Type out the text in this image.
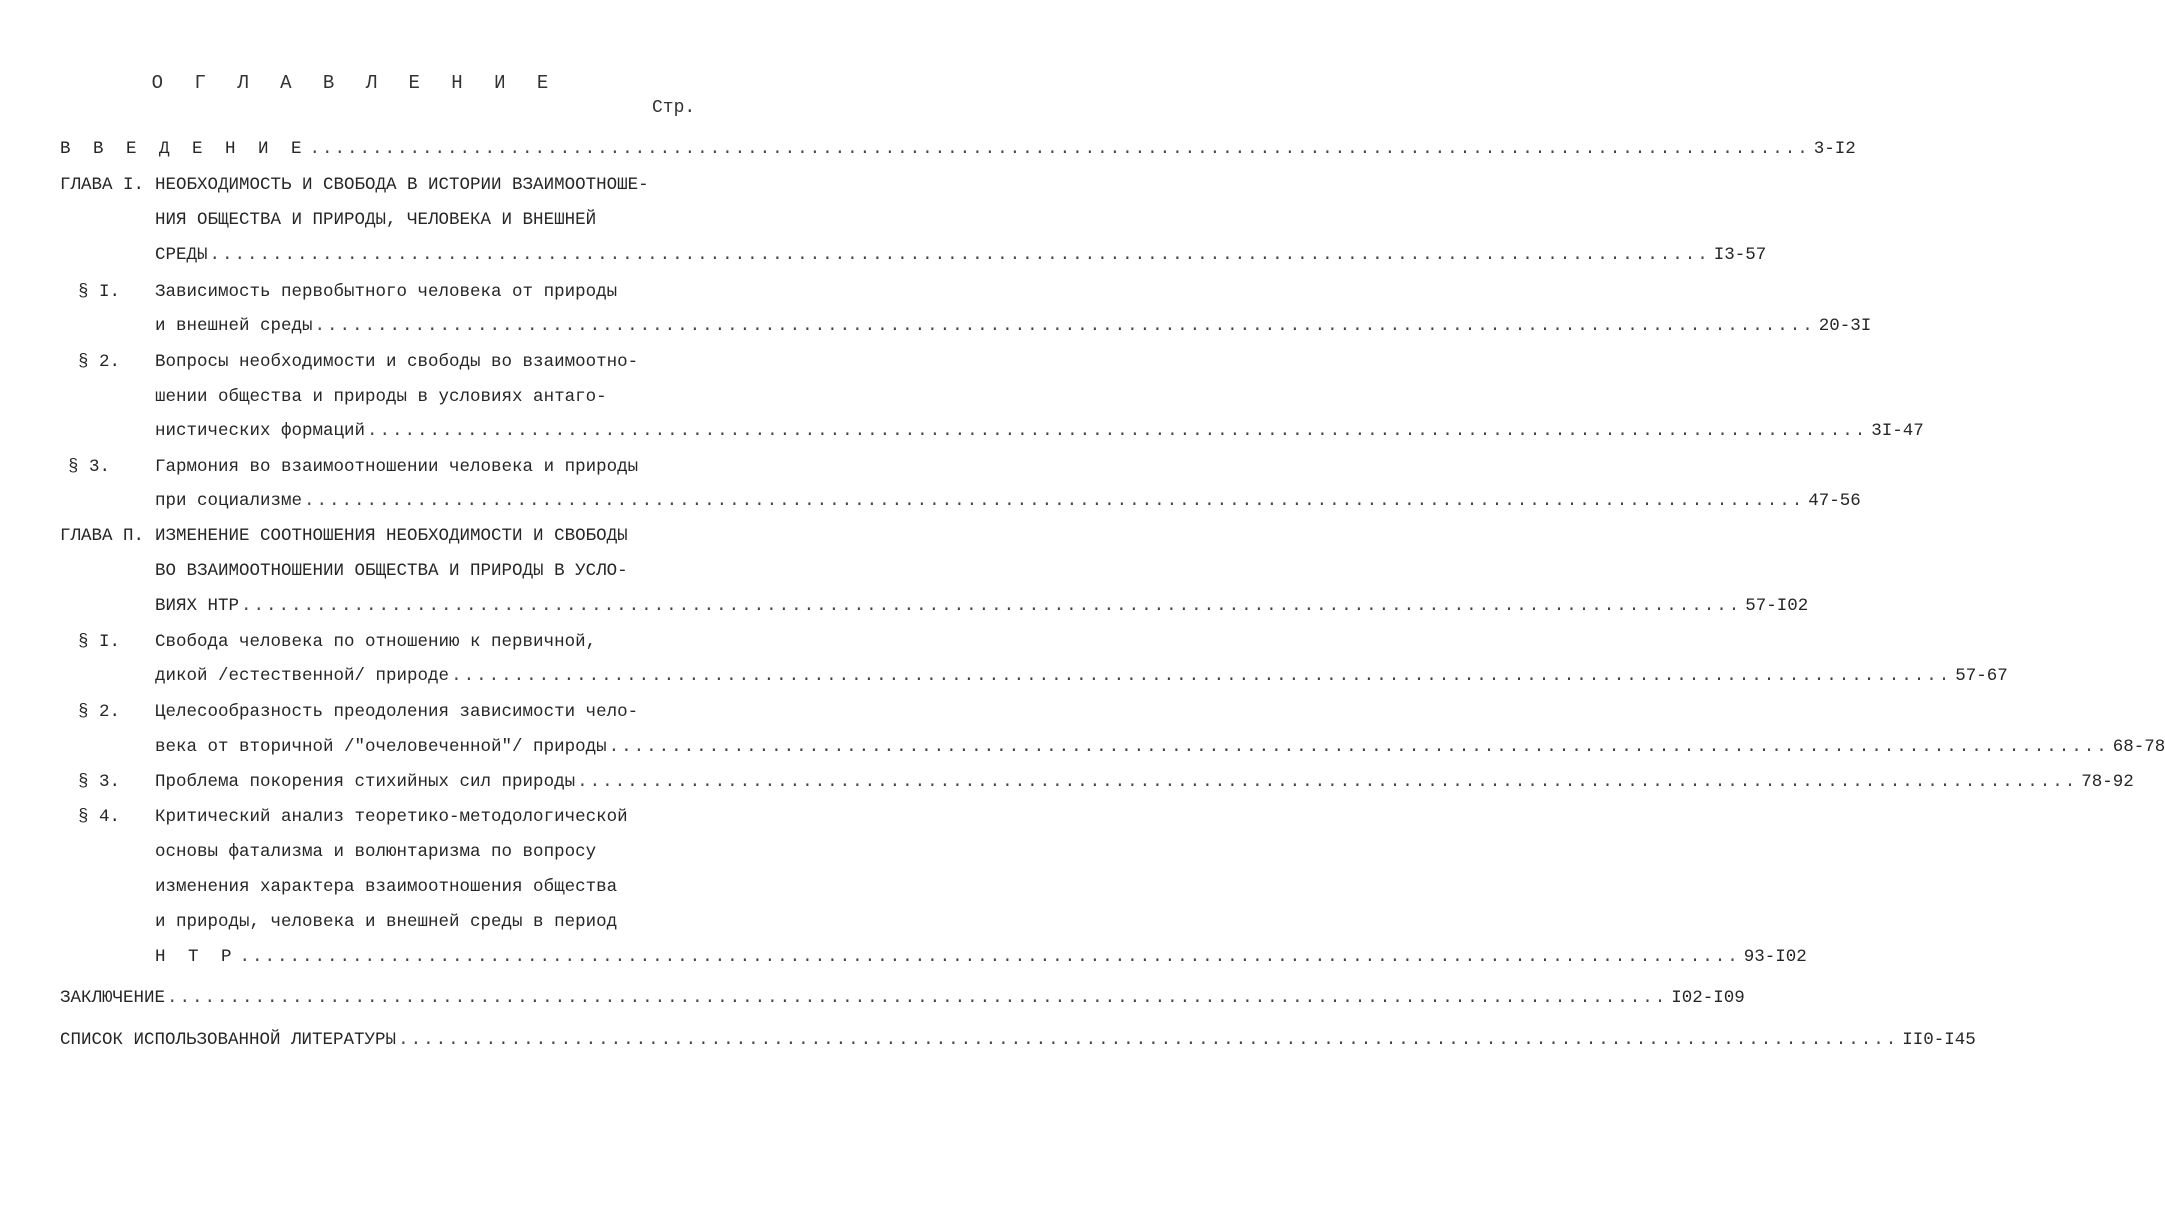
О Г Л А В Л Е Н И Е
Стр.
В В Е Д Е Н И Е ........................................................................................................................ 3-I2
ГЛАВА I. НЕОБХОДИМОСТЬ И СВОБОДА В ИСТОРИИ ВЗАИМООТНОШЕ-
НИЯ ОБЩЕСТВА И ПРИРОДЫ, ЧЕЛОВЕКА И ВНЕШНЕЙ
СРЕДЫ ........................................................................................................................ I3-57
§ I. Зависимость первобытного человека от природы
и внешней среды ........................................................................................................................ 20-3I
§ 2. Вопросы необходимости и свободы во взаимоотно-
шении общества и природы в условиях антаго-
нистических формаций ........................................................................................................................ 3I-47
§ 3.	Гармония во взаимоотношении человека и природы
при социализме ........................................................................................................................ 47-56
ГЛАВА П. ИЗМЕНЕНИЕ СООТНОШЕНИЯ НЕОБХОДИМОСТИ И СВОБОДЫ
ВО ВЗАИМООТНОШЕНИИ ОБЩЕСТВА И ПРИРОДЫ В УСЛО-
ВИЯХ НТР ........................................................................................................................ 57-I02
§ I. Свобода человека по отношению к первичной,
дикой /естественной/ природе ........................................................................................................................ 57-67
§ 2. Целесообразность преодоления зависимости чело-
века от вторичной /"очеловеченной"/ природы ........................................................................................................................ 68-78
§ 3.	Проблема покорения стихийных сил природы ........................................................................................................................ 78-92
§ 4. Критический анализ теоретико-методологической
основы фатализма и волюнтаризма по вопросу
изменения характера взаимоотношения общества
и природы, человека и внешней среды в период
Н Т Р ........................................................................................................................ 93-I02
ЗАКЛЮЧЕНИЕ ........................................................................................................................ I02-I09
СПИСОК ИСПОЛЬЗОВАННОЙ ЛИТЕРАТУРЫ ........................................................................................................................ II0-I45
